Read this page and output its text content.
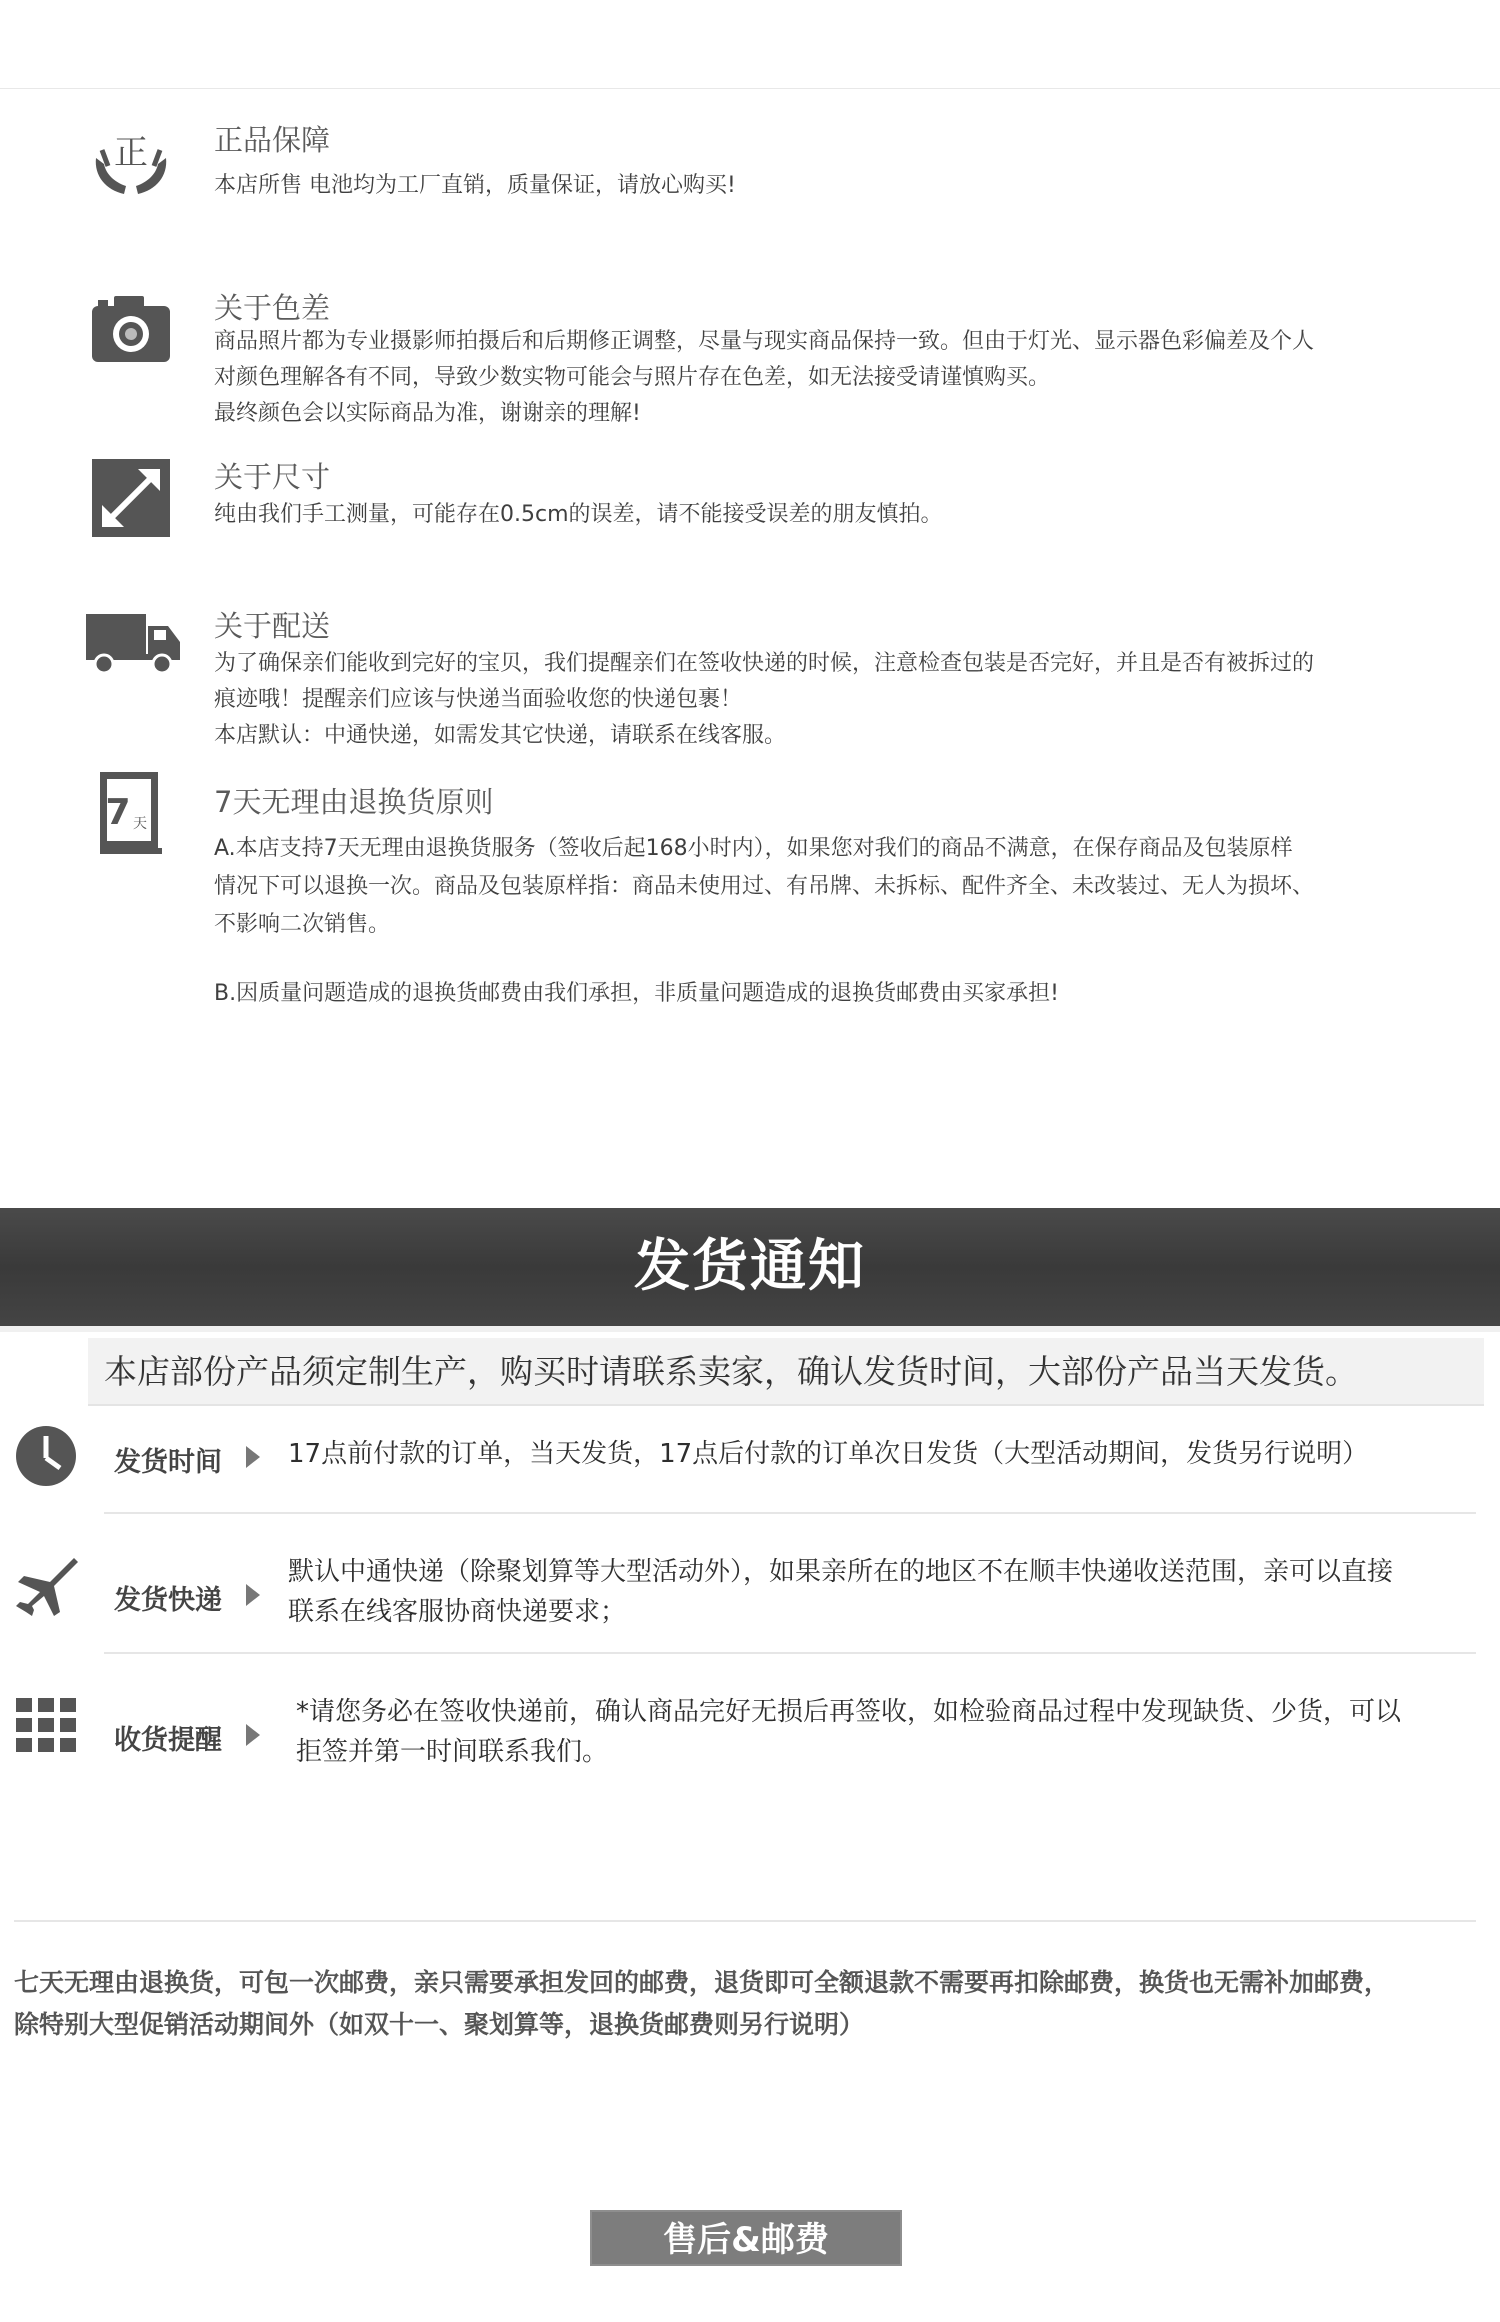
正 正品保障

本店所售 电池均为工厂直销，质量保证，请放心购买!

关于色差

商品照片都为专业摄影师拍摄后和后期修正调整，尽量与现实商品保持一致。但由于灯光、显示器色彩偏差及个人

对颜色理解各有不同，导致少数实物可能会与照片存在色差，如无法接受请谨慎购买。

最终颜色会以实际商品为准，谢谢亲的理解!

关于尺寸

纯由我们手工测量，可能存在0.5cm的误差，请不能接受误差的朋友慎拍。

关于配送

为了确保亲们能收到完好的宝贝，我们提醒亲们在签收快递的时候，注意检查包装是否完好，并且是否有被拆过的

痕迹哦！提醒亲们应该与快递当面验收您的快递包裹！

本店默认：中通快递，如需发其它快递，请联系在线客服。

7 天
7天无理由退换货原则

A.本店支持7天无理由退换货服务（签收后起168小时内），如果您对我们的商品不满意，在保存商品及包装原样

情况下可以退换一次。商品及包装原样指：商品未使用过、有吊牌、未拆标、配件齐全、未改装过、无人为损坏、

不影响二次销售。

B.因质量问题造成的退换货邮费由我们承担，非质量问题造成的退换货邮费由买家承担!

发货通知
本店部份产品须定制生产，购买时请联系卖家，确认发货时间，大部份产品当天发货。
发货时间	17点前付款的订单，当天发货，17点后付款的订单次日发货（大型活动期间，发货另行说明）

发货快递

默认中通快递（除聚划算等大型活动外），如果亲所在的地区不在顺丰快递收送范围，亲可以直接

联系在线客服协商快递要求；

收货提醒

*请您务必在签收快递前，确认商品完好无损后再签收，如检验商品过程中发现缺货、少货，可以

拒签并第一时间联系我们。

七天无理由退换货，可包一次邮费，亲只需要承担发回的邮费，退货即可全额退款不需要再扣除邮费，换货也无需补加邮费，

除特别大型促销活动期间外（如双十一、聚划算等，退换货邮费则另行说明）

售后&邮费
